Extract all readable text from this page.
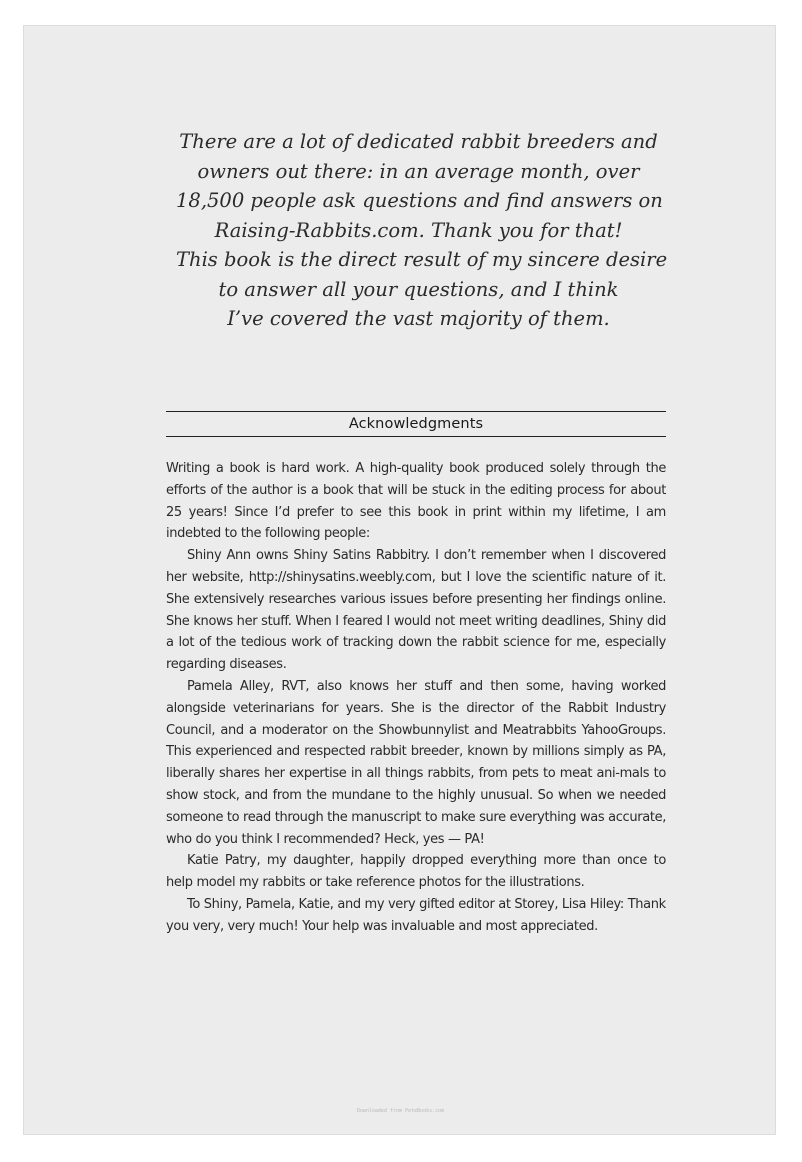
There are a lot of dedicated rabbit breeders and
owners out there: in an average month, over
18,500 people ask questions and find answers on
Raising-Rabbits.com. Thank you for that!
This book is the direct result of my sincere desire
to answer all your questions, and I think
I’ve covered the vast majority of them.
Acknowledgments

Writing a book is hard work. A high-quality book produced solely through the efforts of the author is a book that will be stuck in the editing process for about 25 years! Since I’d prefer to see this book in print within my lifetime, I am indebted to the following people:

Shiny Ann owns Shiny Satins Rabbitry. I don’t remember when I discovered her website, http://shinysatins.weebly.com, but I love the scientific nature of it. She extensively researches various issues before presenting her findings online. She knows her stuff. When I feared I would not meet writing deadlines, Shiny did a lot of the tedious work of tracking down the rabbit science for me, especially regarding diseases.

Pamela Alley, RVT, also knows her stuff and then some, having worked alongside veterinarians for years. She is the director of the Rabbit Industry Council, and a moderator on the Showbunnylist and Meatrabbits YahooGroups. This experienced and respected rabbit breeder, known by millions simply as PA, liberally shares her expertise in all things rabbits, from pets to meat ani-mals to show stock, and from the mundane to the highly unusual. So when we needed someone to read through the manuscript to make sure everything was accurate, who do you think I recommended? Heck, yes — PA!

Katie Patry, my daughter, happily dropped everything more than once to help model my rabbits or take reference photos for the illustrations.

To Shiny, Pamela, Katie, and my very gifted editor at Storey, Lisa Hiley: Thank you very, very much! Your help was invaluable and most appreciated.

Downloaded from PeteBooks.com
